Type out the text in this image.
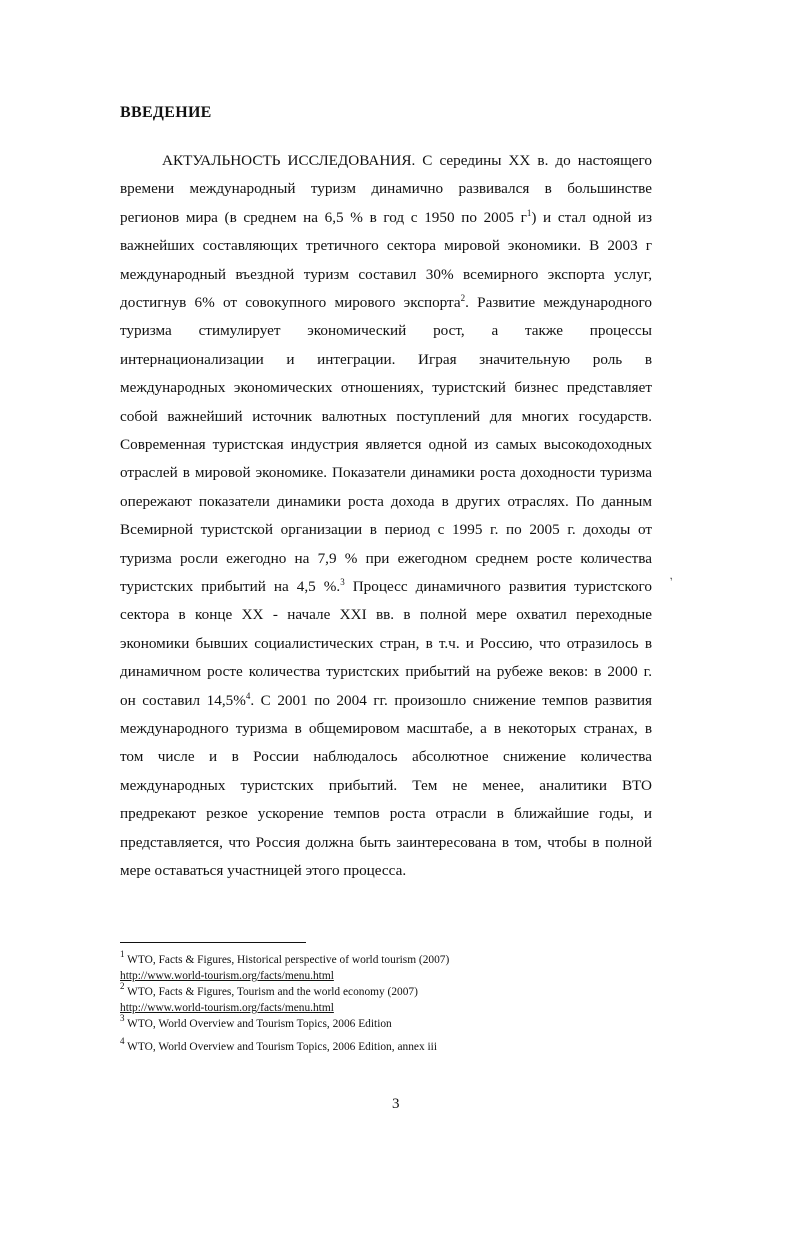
ВВЕДЕНИЕ
АКТУАЛЬНОСТЬ ИССЛЕДОВАНИЯ. С середины XX в. до настоящего
времени международный туризм динамично развивался в большинстве
регионов мира (в среднем на 6,5 % в год с 1950 по 2005 $г^1$) и стал одной из
важнейших составляющих третичного сектора мировой экономики. В 2003 г
международный въездной туризм составил 30% всемирного экспорта услуг,
достигнув 6% от совокупного мирового экспорта$^2$. Развитие международного
туризма стимулирует экономический рост, а также процессы
интернационализации и интеграции. Играя значительную роль в
международных экономических отношениях, туристский бизнес представляет
собой важнейший источник валютных поступлений для многих государств.
Современная туристская индустрия является одной из самых высокодоходных
отраслей в мировой экономике. Показатели динамики роста доходности туризма
опережают показатели динамики роста дохода в других отраслях. По данным
Всемирной туристской организации в период с 1995 г. по 2005 г. доходы от
туризма росли ежегодно на 7,9 % при ежегодном среднем росте количества
туристских прибытий на 4,5 %.$^3$ Процесс динамичного развития туристского
сектора в конце XX - начале XXI вв. в полной мере охватил переходные
экономики бывших социалистических стран, в т.ч. и Россию, что отразилось в
динамичном росте количества туристских прибытий на рубеже веков: в 2000 г.
он составил 14,5%$^4$. С 2001 по 2004 гг. произошло снижение темпов развития
международного туризма в общемировом масштабе, а в некоторых странах, в
том числе и в России наблюдалось абсолютное снижение количества
международных туристских прибытий. Тем не менее, аналитики ВТО
предрекают резкое ускорение темпов роста отрасли в ближайшие годы, и
представляется, что Россия должна быть заинтересована в том, чтобы в полной
мере оставаться участницей этого процесса.
$^1$ WTO, Facts & Figures, Historical perspective of world tourism (2007)
http://www.world-tourism.org/facts/menu.html
$^2$ WTO, Facts & Figures, Tourism and the world economy (2007)
http://www.world-tourism.org/facts/menu.html
$^3$ WTO, World Overview and Tourism Topics, 2006 Edition
$^4$ WTO, World Overview and Tourism Topics, 2006 Edition, annex iii
3
‚
